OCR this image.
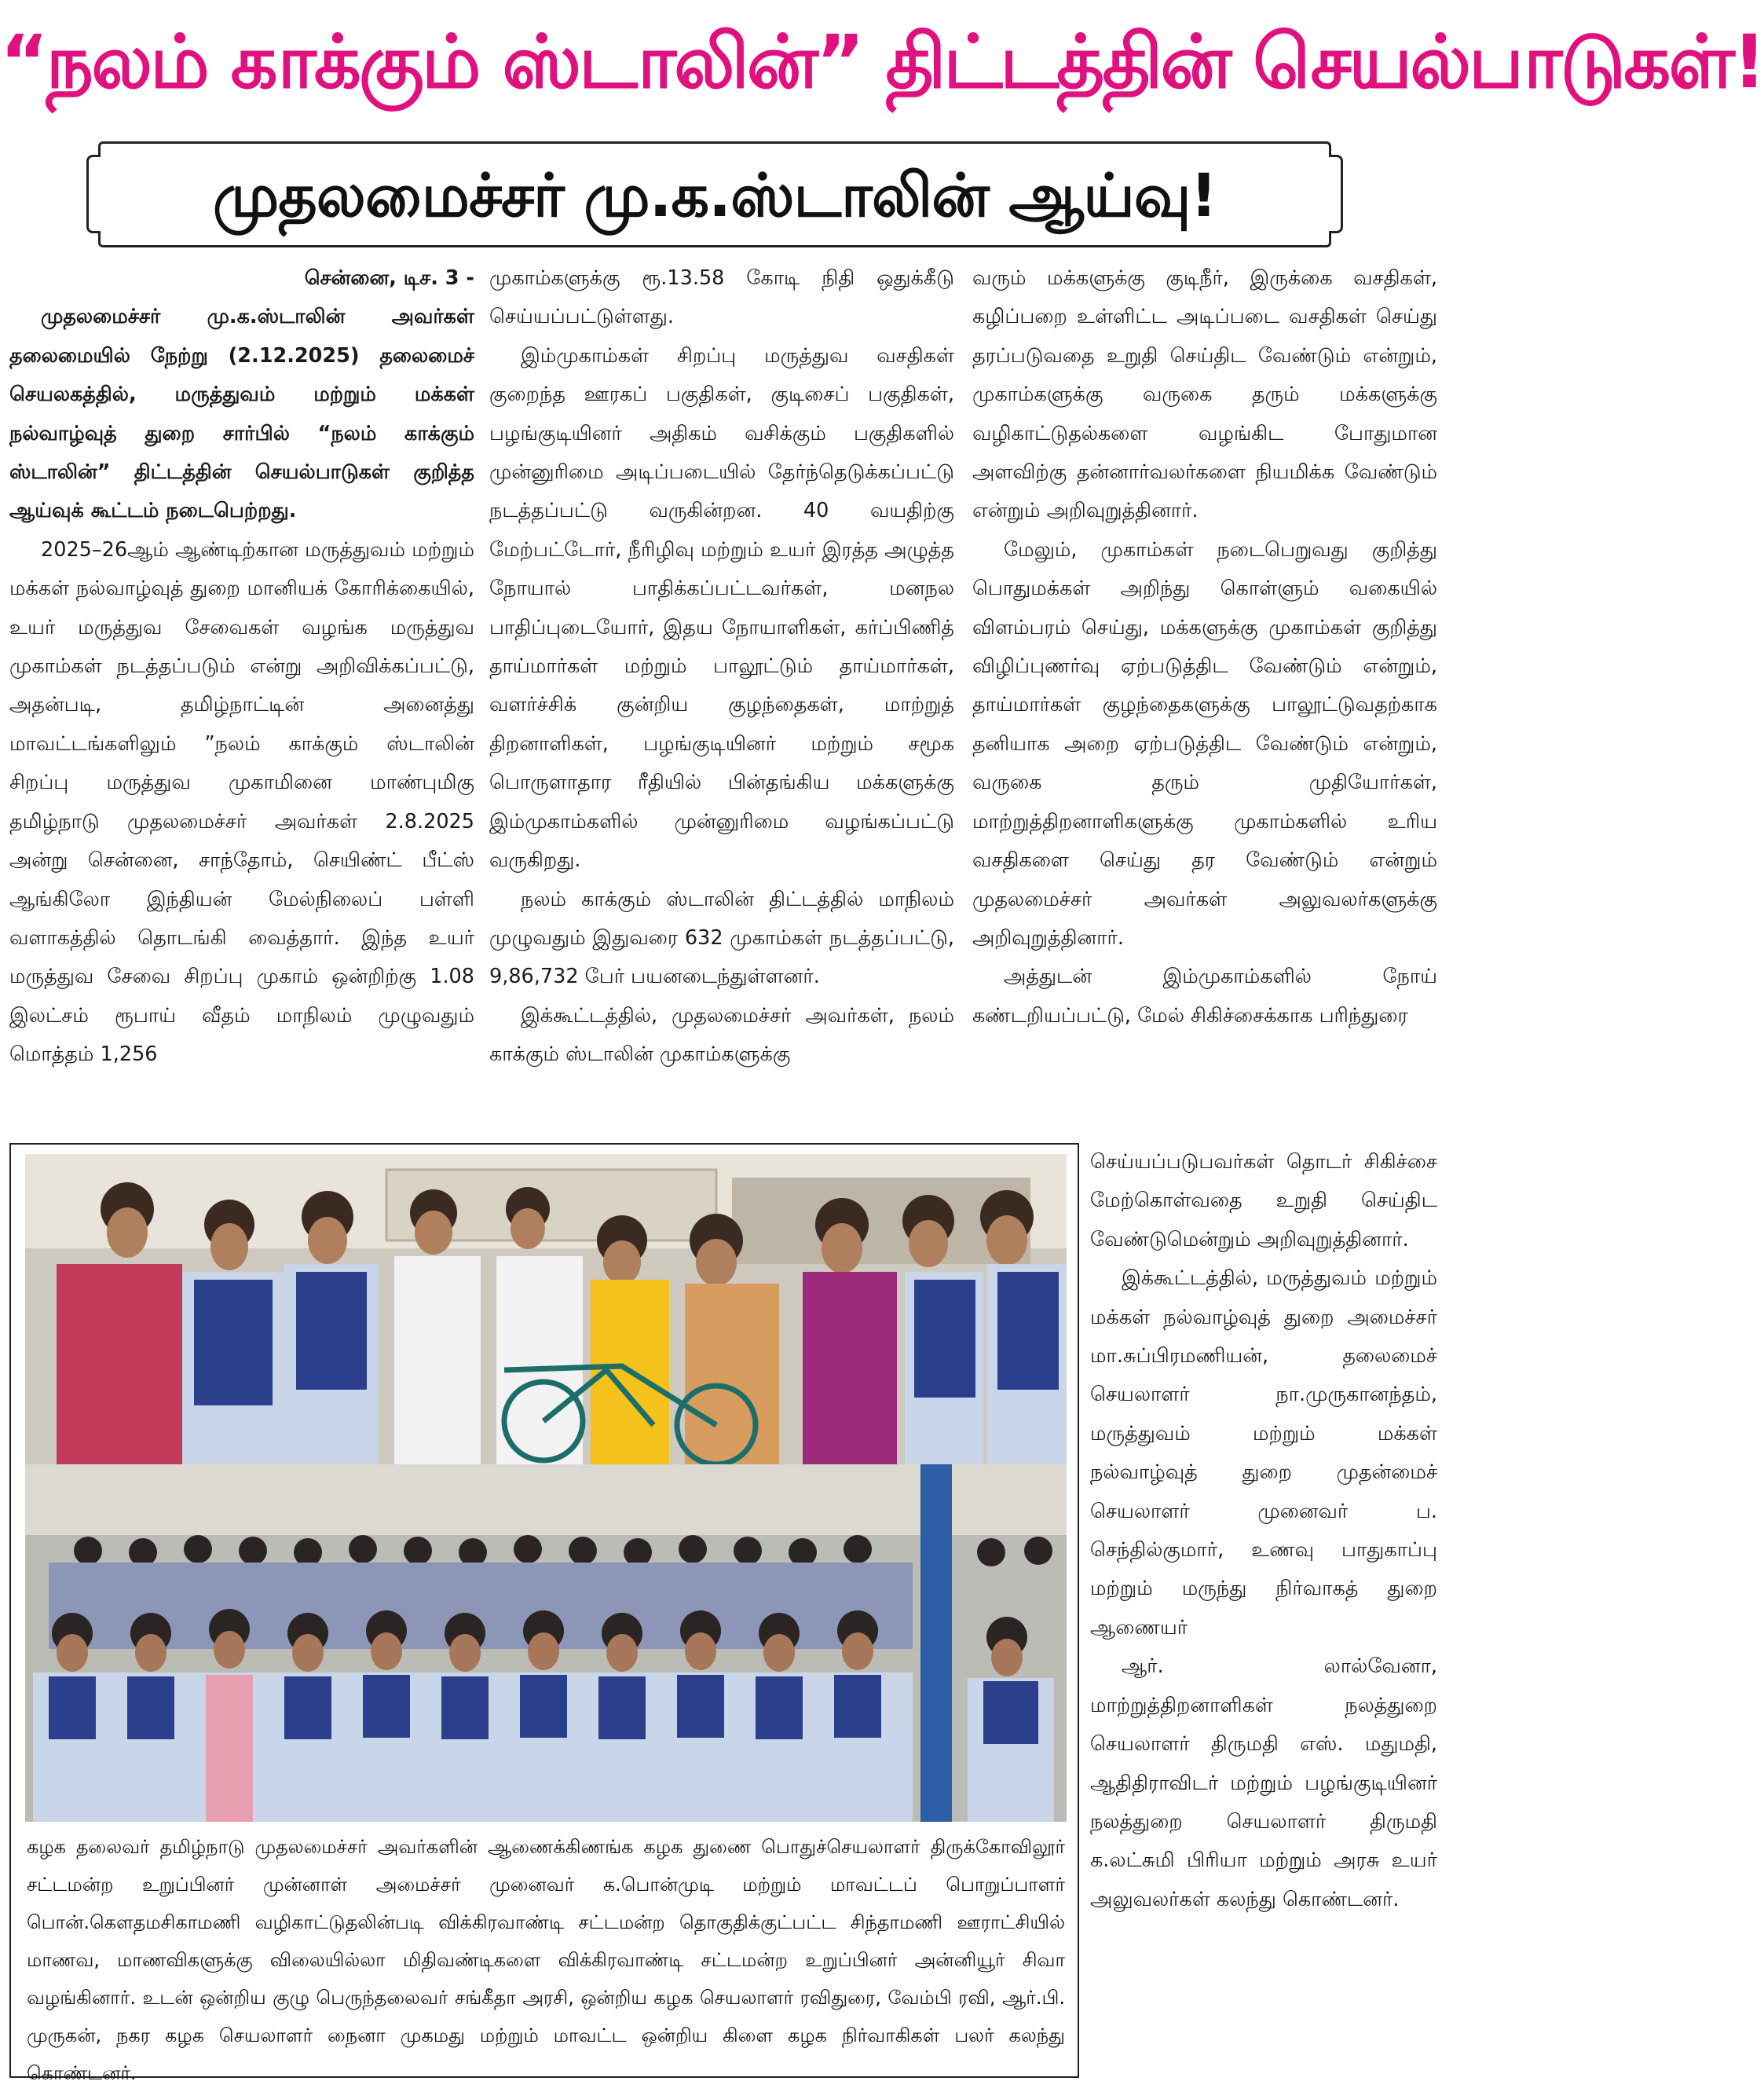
“நலம் காக்கும் ஸ்டாலின்” திட்டத்தின் செயல்பாடுகள்!
முதலமைச்சர் மு.க.ஸ்டாலின் ஆய்வு!

சென்னை, டிச. 3 -

முதலமைச்சர் மு.க.ஸ்டாலின் அவர்கள் தலைமையில் நேற்று (2.12.2025) தலைமைச் செயலகத்தில், மருத்துவம் மற்றும் மக்கள் நல்வாழ்வுத் துறை சார்பில் “நலம் காக்கும் ஸ்டாலின்” திட்டத்தின் செயல்பாடுகள் குறித்த ஆய்வுக் கூட்டம் நடைபெற்றது.

2025–26ஆம் ஆண்டிற்கான மருத்துவம் மற்றும் மக்கள் நல்வாழ்வுத் துறை மானியக் கோரிக்கையில், உயர் மருத்துவ சேவைகள் வழங்க மருத்துவ முகாம்கள் நடத்தப்படும் என்று அறிவிக்கப்பட்டு, அதன்படி, தமிழ்நாட்டின் அனைத்து மாவட்டங்களிலும் ”நலம் காக்கும் ஸ்டாலின் சிறப்பு மருத்துவ முகாமினை மாண்புமிகு தமிழ்நாடு முதலமைச்சர் அவர்கள் 2.8.2025 அன்று சென்னை, சாந்தோம், செயிண்ட் பீட்ஸ் ஆங்கிலோ இந்தியன் மேல்நிலைப் பள்ளி வளாகத்தில் தொடங்கி வைத்தார். இந்த உயர் மருத்துவ சேவை சிறப்பு முகாம் ஒன்றிற்கு 1.08 இலட்சம் ரூபாய் வீதம் மாநிலம் முழுவதும் மொத்தம் 1,256

முகாம்களுக்கு ரூ.13.58 கோடி நிதி ஒதுக்கீடு செய்யப்பட்டுள்ளது.

இம்முகாம்கள் சிறப்பு மருத்துவ வசதிகள் குறைந்த ஊரகப் பகுதிகள், குடிசைப் பகுதிகள், பழங்குடியினர் அதிகம் வசிக்கும் பகுதிகளில் முன்னுரிமை அடிப்படையில் தேர்ந்தெடுக்கப்பட்டு நடத்தப்பட்டு வருகின்றன. 40 வயதிற்கு மேற்பட்டோர், நீரிழிவு மற்றும் உயர் இரத்த அழுத்த நோயால் பாதிக்கப்பட்டவர்கள், மனநல பாதிப்புடையோர், இதய நோயாளிகள், கர்ப்பிணித் தாய்மார்கள் மற்றும் பாலூட்டும் தாய்மார்கள், வளர்ச்சிக் குன்றிய குழந்தைகள், மாற்றுத் திறனாளிகள், பழங்குடியினர் மற்றும் சமூக பொருளாதார ரீதியில் பின்தங்கிய மக்களுக்கு இம்முகாம்களில் முன்னுரிமை வழங்கப்பட்டு வருகிறது.

நலம் காக்கும் ஸ்டாலின் திட்டத்தில் மாநிலம் முழுவதும் இதுவரை 632 முகாம்கள் நடத்தப்பட்டு, 9,86,732 பேர் பயனடைந்துள்ளனர்.

இக்கூட்டத்தில், முதலமைச்சர் அவர்கள், நலம் காக்கும் ஸ்டாலின் முகாம்களுக்கு

வரும் மக்களுக்கு குடிநீர், இருக்கை வசதிகள், கழிப்பறை உள்ளிட்ட அடிப்படை வசதிகள் செய்து தரப்படுவதை உறுதி செய்திட வேண்டும் என்றும், முகாம்களுக்கு வருகை தரும் மக்களுக்கு வழிகாட்டுதல்களை வழங்கிட போதுமான அளவிற்கு தன்னார்வலர்களை நியமிக்க வேண்டும் என்றும் அறிவுறுத்தினார்.

மேலும், முகாம்கள் நடைபெறுவது குறித்து பொதுமக்கள் அறிந்து கொள்ளும் வகையில் விளம்பரம் செய்து, மக்களுக்கு முகாம்கள் குறித்து விழிப்புணர்வு ஏற்படுத்திட வேண்டும் என்றும், தாய்மார்கள் குழந்தைகளுக்கு பாலூட்டுவதற்காக தனியாக அறை ஏற்படுத்திட வேண்டும் என்றும், வருகை தரும் முதியோர்கள், மாற்றுத்திறனாளிகளுக்கு முகாம்களில் உரிய வசதிகளை செய்து தர வேண்டும் என்றும் முதலமைச்சர் அவர்கள் அலுவலர்களுக்கு அறிவுறுத்தினார்.

அத்துடன் இம்முகாம்களில் நோய் கண்டறியப்பட்டு, மேல் சிகிச்சைக்காக பரிந்துரை

செய்யப்படுபவர்கள் தொடர் சிகிச்சை மேற்கொள்வதை உறுதி செய்திட வேண்டுமென்றும் அறிவுறுத்தினார்.

இக்கூட்டத்தில், மருத்துவம் மற்றும் மக்கள் நல்வாழ்வுத் துறை அமைச்சர் மா.சுப்பிரமணியன், தலைமைச் செயலாளர் நா.முருகானந்தம், மருத்துவம் மற்றும் மக்கள் நல்வாழ்வுத் துறை முதன்மைச் செயலாளர் முனைவர் ப. செந்தில்குமார், உணவு பாதுகாப்பு மற்றும் மருந்து நிர்வாகத் துறை ஆணையர்

ஆர். லால்வேனா, மாற்றுத்திறனாளிகள் நலத்துறை செயலாளர் திருமதி எஸ். மதுமதி, ஆதிதிராவிடர் மற்றும் பழங்குடியினர் நலத்துறை செயலாளர் திருமதி க.லட்சுமி பிரியா மற்றும் அரசு உயர் அலுவலர்கள் கலந்து கொண்டனர்.

கழக தலைவர் தமிழ்நாடு முதலமைச்சர் அவர்களின் ஆணைக்கிணங்க கழக துணை பொதுச்செயலாளர் திருக்கோவிலூர் சட்டமன்ற உறுப்பினர் முன்னாள் அமைச்சர் முனைவர் க.பொன்முடி மற்றும் மாவட்டப் பொறுப்பாளர் பொன்.கௌதமசிகாமணி வழிகாட்டுதலின்படி விக்கிரவாண்டி சட்டமன்ற தொகுதிக்குட்பட்ட சிந்தாமணி ஊராட்சியில் மாணவ, மாணவிகளுக்கு விலையில்லா மிதிவண்டிகளை விக்கிரவாண்டி சட்டமன்ற உறுப்பினர் அன்னியூர் சிவா வழங்கினார். உடன் ஒன்றிய குழு பெருந்தலைவர் சங்கீதா அரசி, ஒன்றிய கழக செயலாளர் ரவிதுரை, வேம்பி ரவி, ஆர்.பி. முருகன், நகர கழக செயலாளர் நைனா முகமது மற்றும் மாவட்ட ஒன்றிய கிளை கழக நிர்வாகிகள் பலர் கலந்து கொண்டனர்.
